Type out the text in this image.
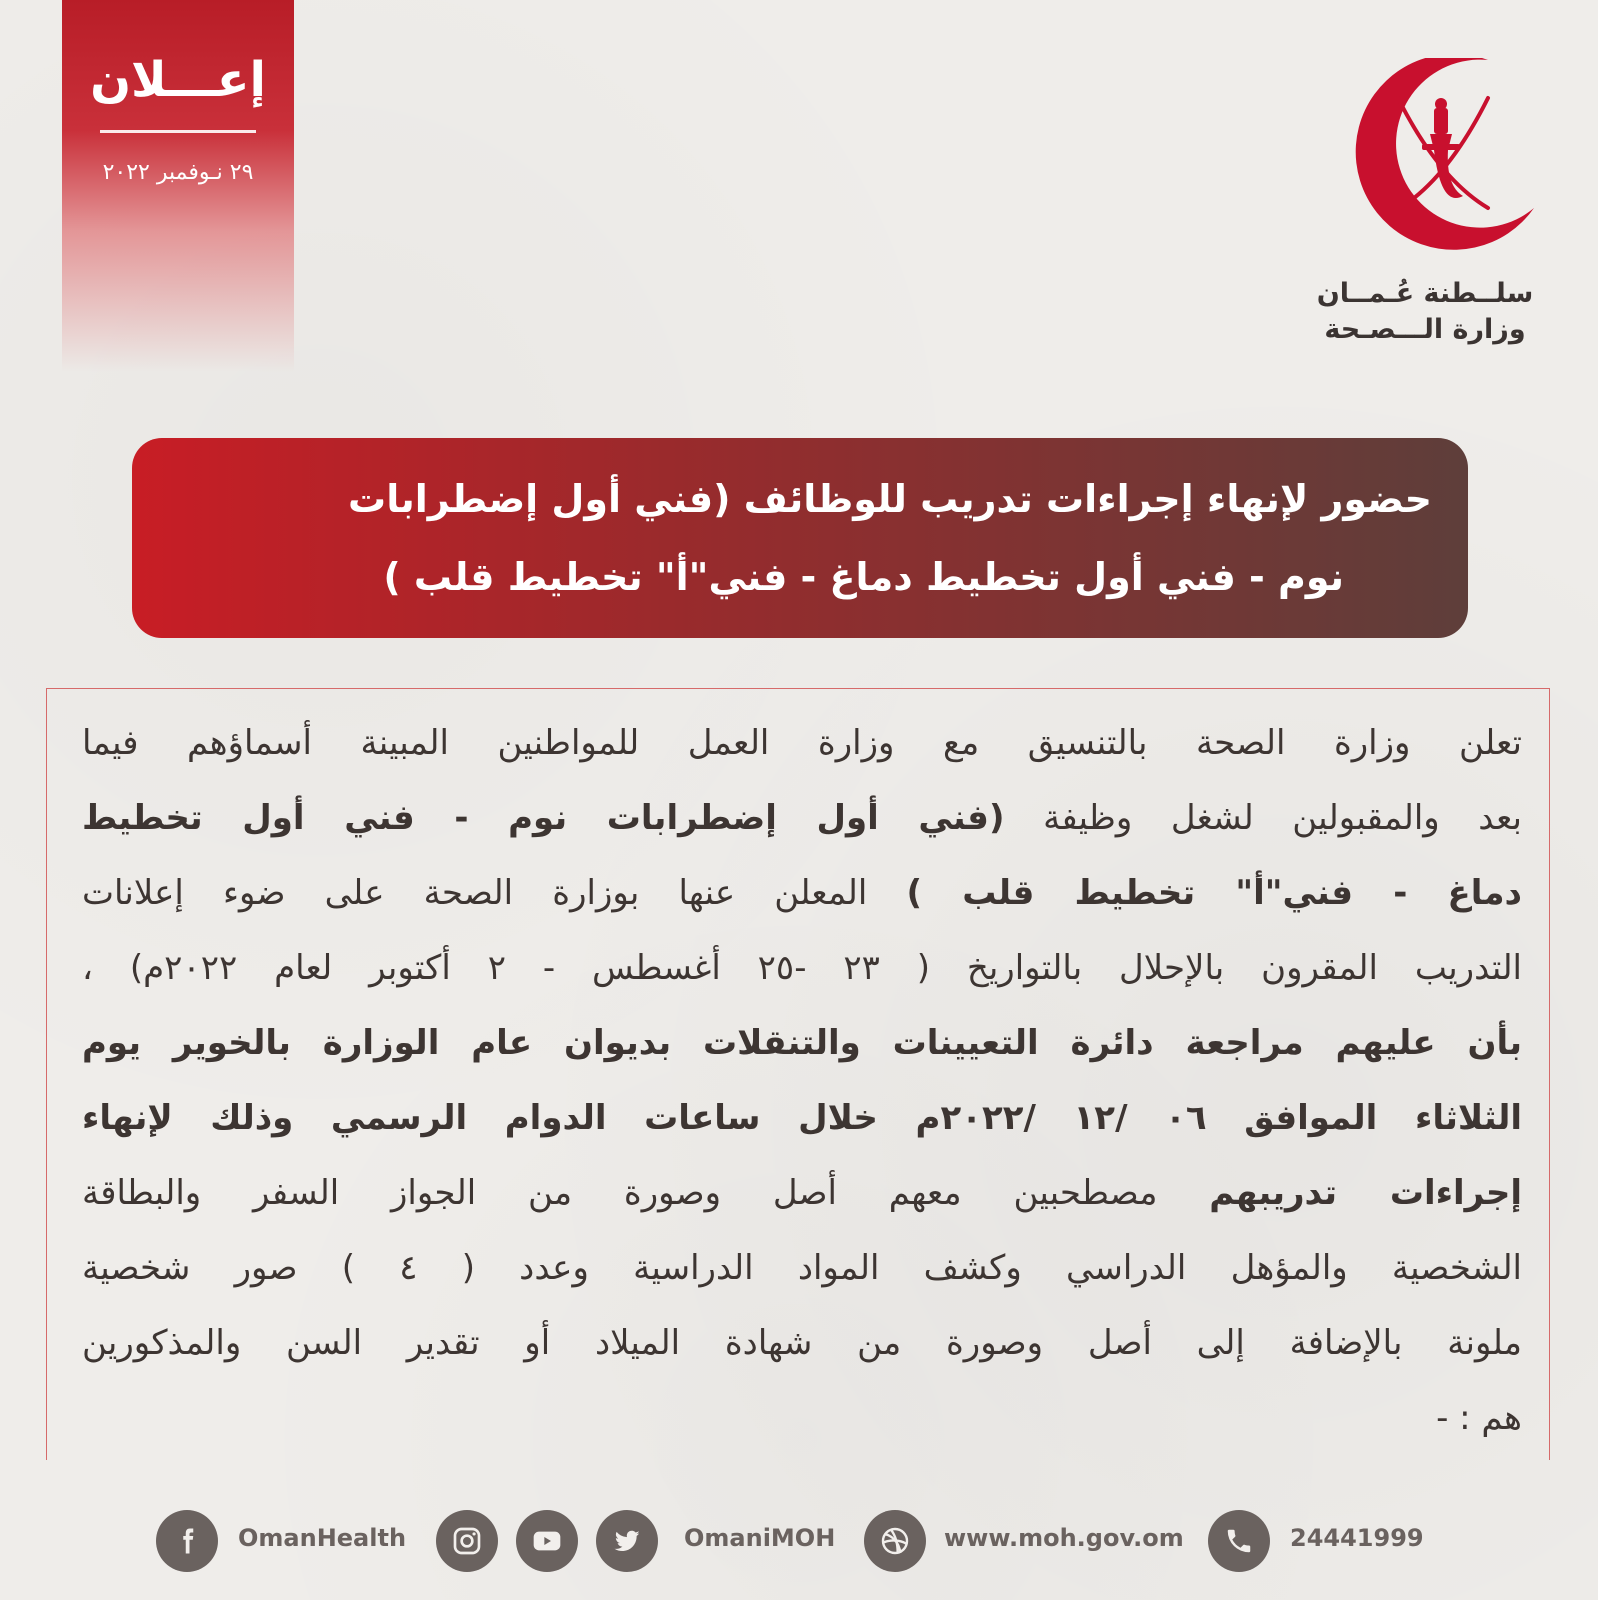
إعـــلان
٢٩ نـوفمبر ٢٠٢٢
سلــطنة عُـمــان
وزارة الـــصـحة
حضور لإنهاء إجراءات تدريب للوظائف (فني أول إضطرابات
نوم - فني أول تخطيط دماغ - فني"أ" تخطيط قلب )
تعلن وزارة الصحة بالتنسيق مع وزارة العمل للمواطنين المبينة أسماؤهم فيما
بعد والمقبولين لشغل وظيفة (فني أول إضطرابات نوم - فني أول تخطيط
دماغ - فني"أ" تخطيط قلب ) المعلن عنها بوزارة الصحة على ضوء إعلانات
التدريب المقرون بالإحلال بالتواريخ ( ٢٣ -٢٥ أغسطس - ٢ أكتوبر لعام ٢٠٢٢م) ،
بأن عليهم مراجعة دائرة التعيينات والتنقلات بديوان عام الوزارة بالخوير يوم
الثلاثاء الموافق ٠٦ /١٢ /٢٠٢٢م خلال ساعات الدوام الرسمي وذلك لإنهاء
إجراءات تدريبهم مصطحبين معهم أصل وصورة من الجواز السفر والبطاقة
الشخصية والمؤهل الدراسي وكشف المواد الدراسية وعدد ( ٤ ) صور شخصية
ملونة بالإضافة إلى أصل وصورة من شهادة الميلاد أو تقدير السن والمذكورين
هم : -
OmanHealth	OmaniMOH	www.moh.gov.om	24441999
